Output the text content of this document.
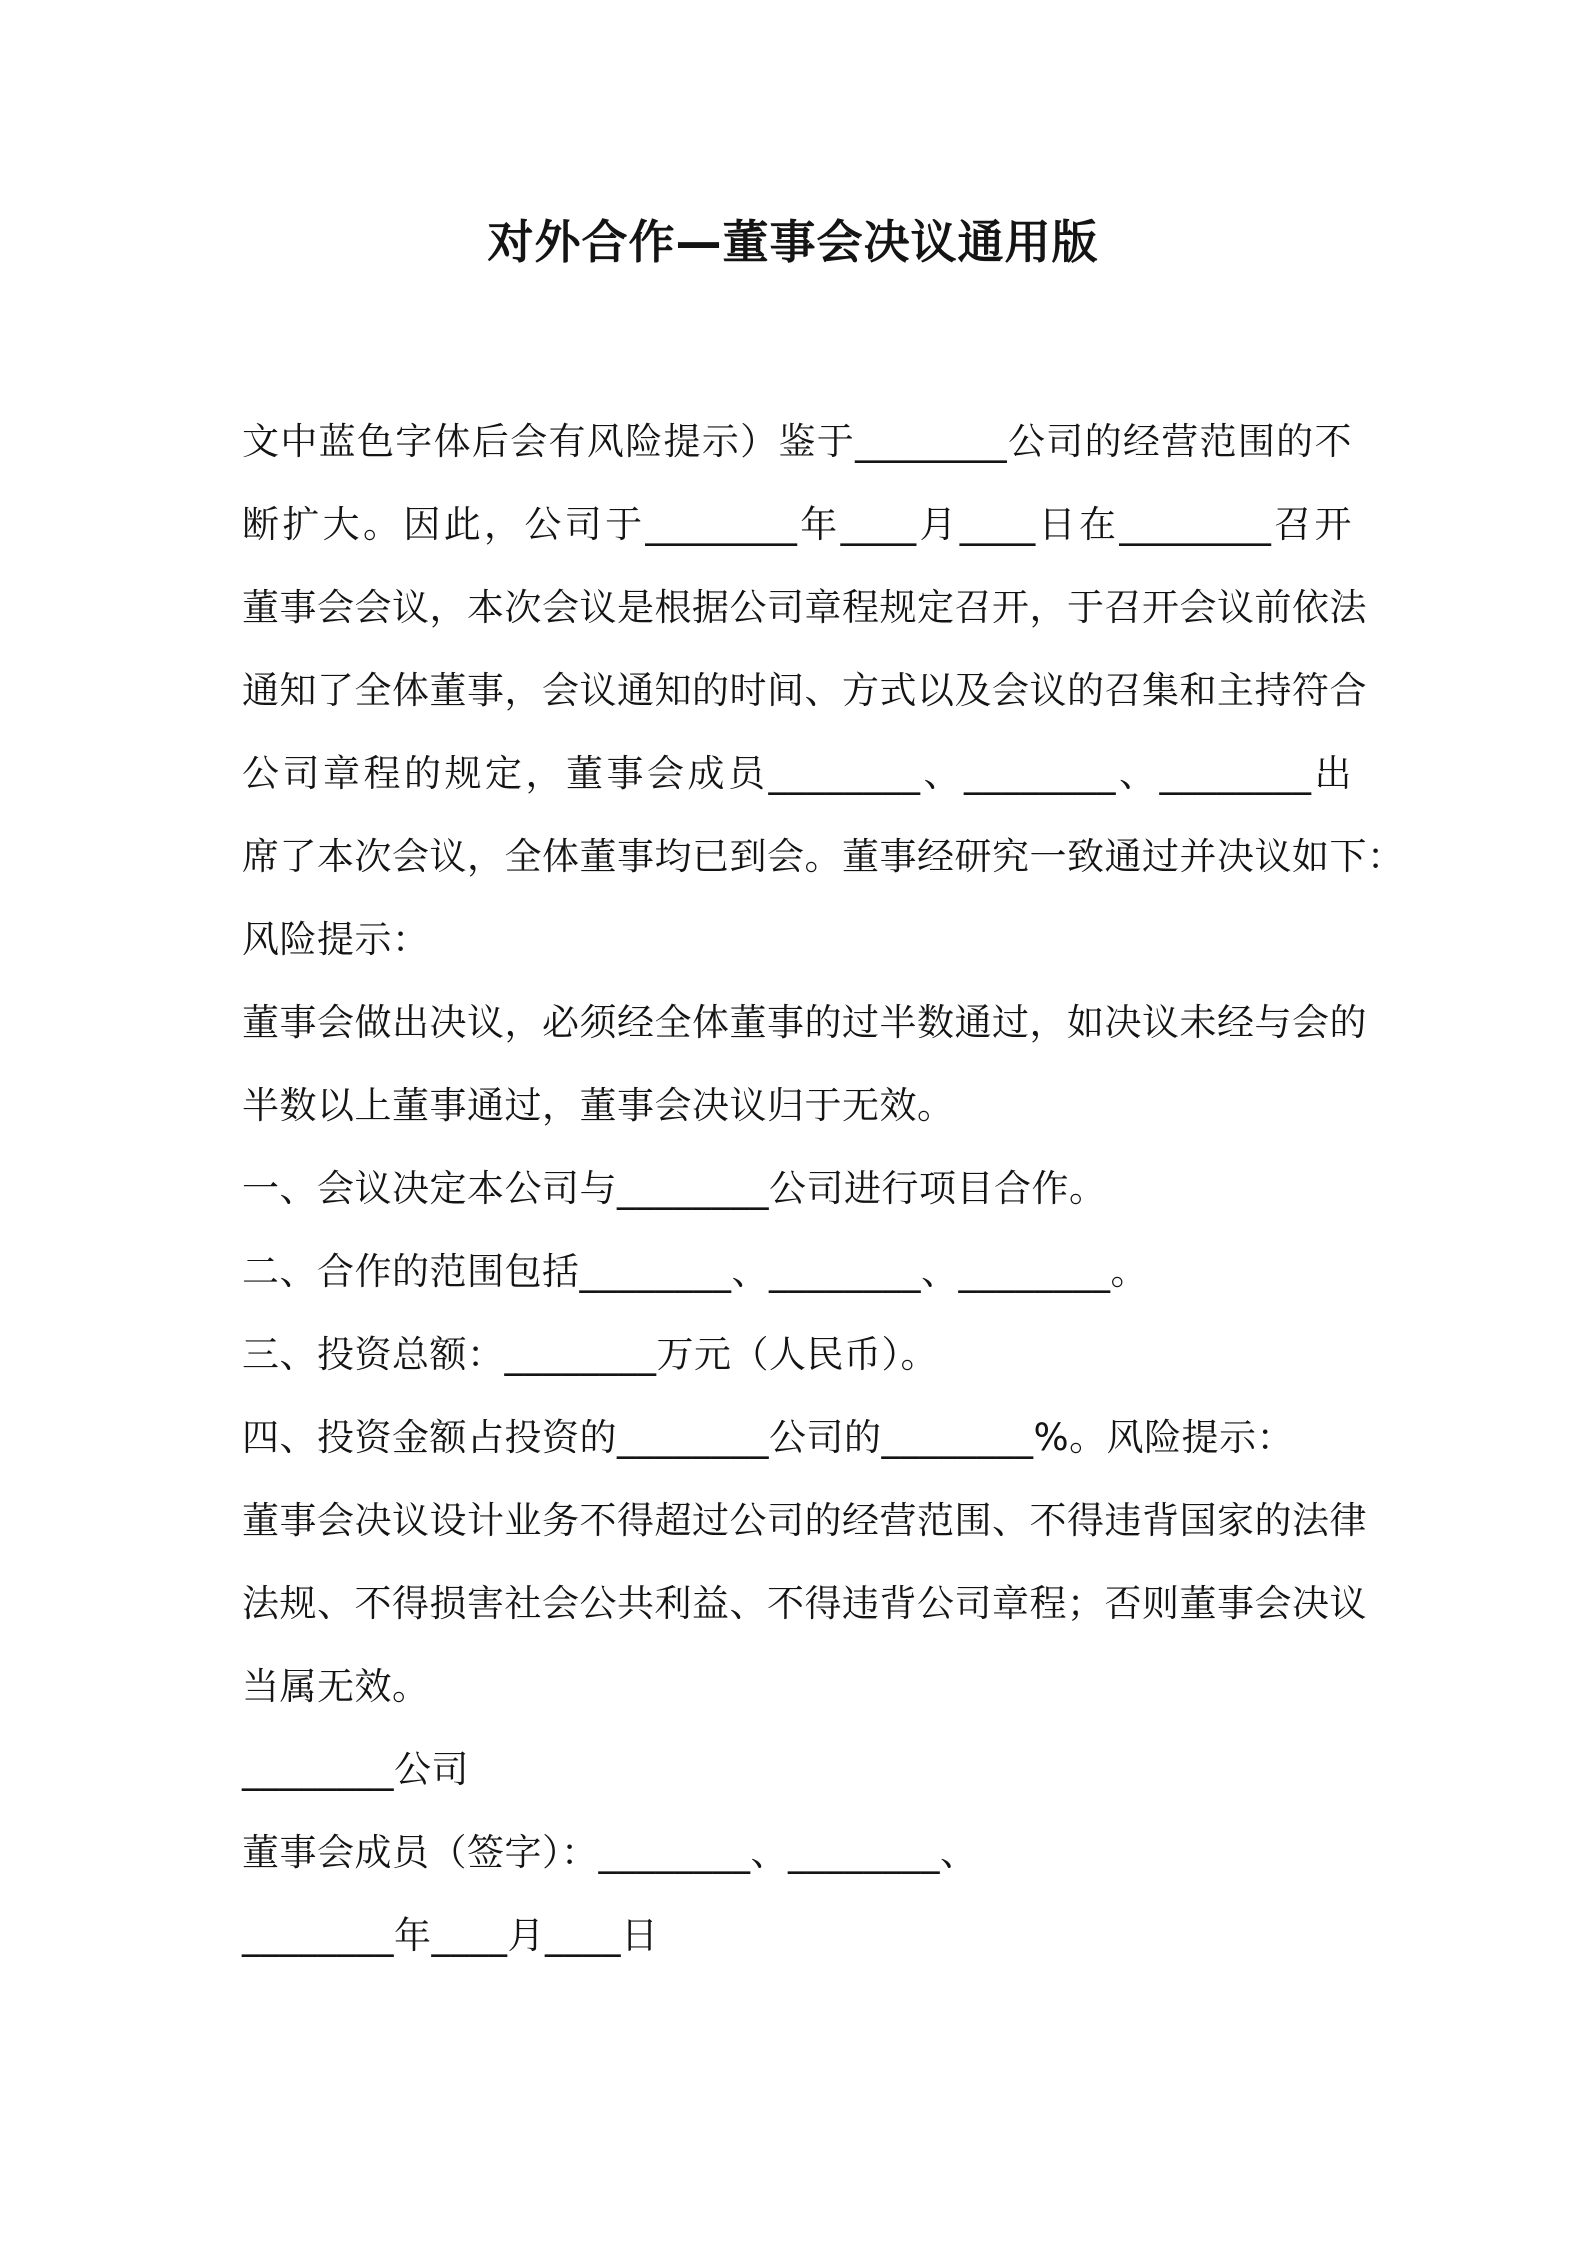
对外合作—董事会决议通用版
文中蓝色字体后会有风险提示）鉴于________公司的经营范围的不
断扩大。因此，公司于________年____月____日在________召开
董事会会议，本次会议是根据公司章程规定召开，于召开会议前依法
通知了全体董事，会议通知的时间、方式以及会议的召集和主持符合
公司章程的规定，董事会成员________、________、________出
席了本次会议，全体董事均已到会。董事经研究一致通过并决议如下：
风险提示：
董事会做出决议，必须经全体董事的过半数通过，如决议未经与会的
半数以上董事通过，董事会决议归于无效。
一、会议决定本公司与________公司进行项目合作。
二、合作的范围包括________、________、________。
三、投资总额：________万元（人民币）。
四、投资金额占投资的________公司的________%。风险提示：
董事会决议设计业务不得超过公司的经营范围、不得违背国家的法律
法规、不得损害社会公共利益、不得违背公司章程；否则董事会决议
当属无效。
________公司
董事会成员（签字）：________、________、
________年____月____日
